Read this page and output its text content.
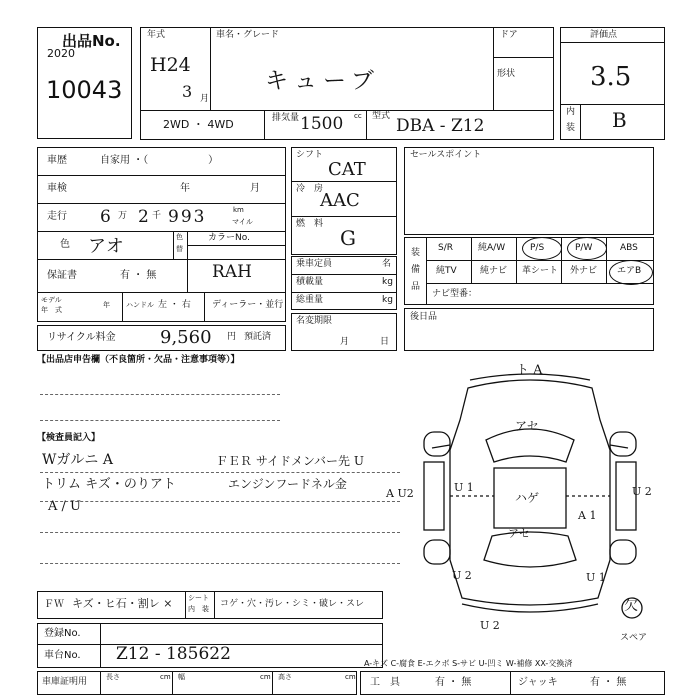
出品No.
2020
10043
年式
H24
3 月
車名・グレード
キューブ
ドア
形状
2WD ・ 4WD	排気量 1500 cc 型式 DBA - Z12
評価点
3.5
内
装 B
車歴	自家用 ・（　　　　　　）
車検	年	月
走行 6 万 2 千 993	km
マイル
色 アオ	色
替
カラーNo.
保証書	有 ・ 無	RAH
モデル
年　式
年 ハンドル 左 ・ 右 ディーラー・並行
リサイクル料金 9,560 円 預託済
シフト
CAT
冷　房
AAC
燃　料
G
乗車定員	名
積載量	kg
総重量	kg
名変期限
月	日
セールスポイント
装
備
品
S/R	純A/W	P/S	P/W	ABS
純TV	純ナビ 革シート 外ナビ エアB
ナビ型番：
後日品
【出品店申告欄（不良箇所・欠品・注意事項等）】
【検査員記入】
Wガルニ A
トリム キズ・のりアト
A / U
ＦＥＲ サイドメンバー先 U
エンジンフードネル金
ト A
アセ
ハゲ
アセ
A U2	U 1
A 1
U 2
U 2	U 1
U 2
欠
スペア
ＦＷ キズ・ヒ石・割レ × シート
内　装 コゲ・穴・汚レ・シミ・破レ・スレ
登録No.
車台No. Z12 - 185622
車庫証明用	長さ	cm 幅	cm 高さ	cm
A-キズ C-腐食 E-エクボ S-サビ U-凹ミ W-補修 XX-交換済
工　具	有 ・ 無	ジャッキ	有 ・ 無
